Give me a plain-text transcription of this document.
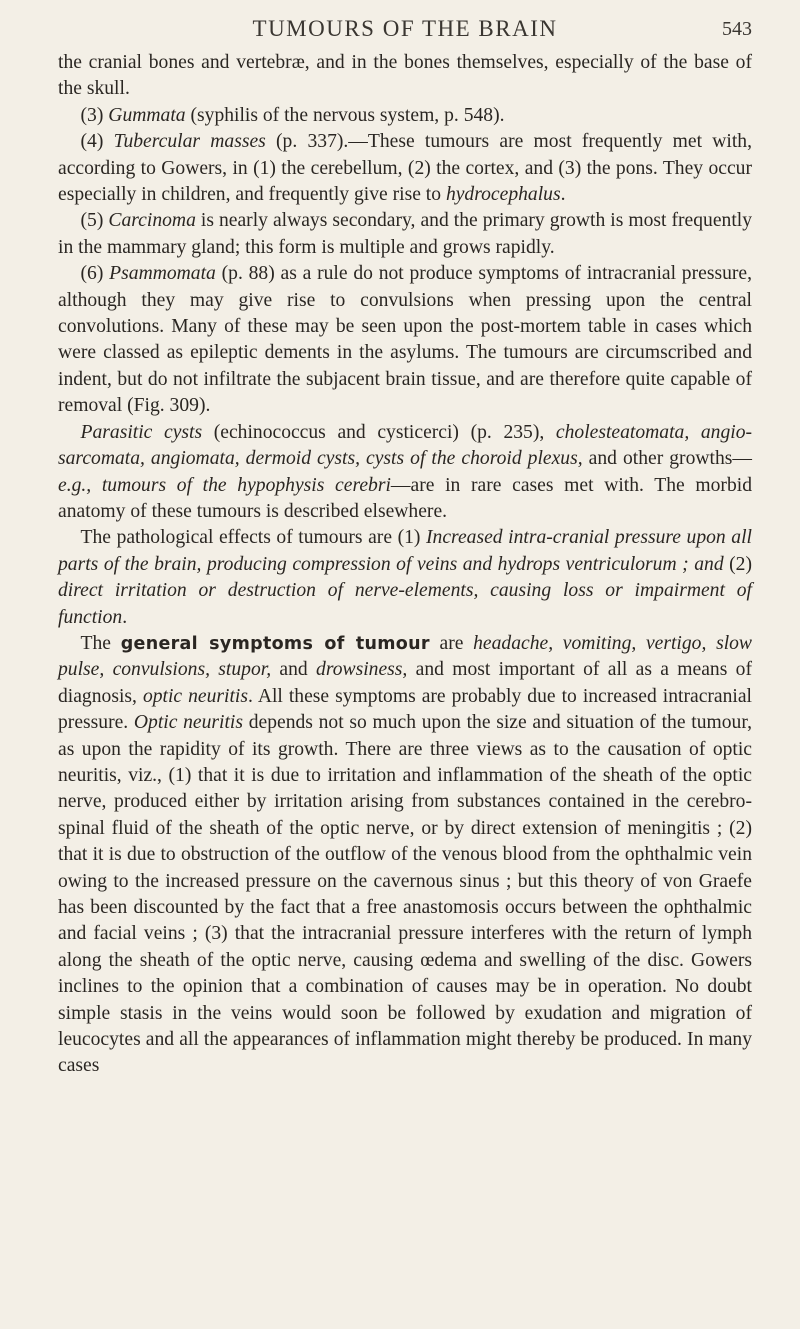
TUMOURS OF THE BRAIN	543

the cranial bones and vertebræ, and in the bones themselves, especially of the base of the skull.

(3) Gummata (syphilis of the nervous system, p. 548).

(4) Tubercular masses (p. 337).—These tumours are most frequently met with, according to Gowers, in (1) the cerebellum, (2) the cortex, and (3) the pons. They occur especially in children, and frequently give rise to hydrocephalus.

(5) Carcinoma is nearly always secondary, and the primary growth is most frequently in the mammary gland; this form is multiple and grows rapidly.

(6) Psammomata (p. 88) as a rule do not produce symptoms of intracranial pressure, although they may give rise to convulsions when pressing upon the central convolutions. Many of these may be seen upon the post-mortem table in cases which were classed as epileptic dements in the asylums. The tumours are circumscribed and indent, but do not infiltrate the subjacent brain tissue, and are therefore quite capable of removal (Fig. 309).

Parasitic cysts (echinococcus and cysticerci) (p. 235), cholesteatomata, angio-sarcomata, angiomata, dermoid cysts, cysts of the choroid plexus, and other growths—e.g., tumours of the hypophysis cerebri—are in rare cases met with. The morbid anatomy of these tumours is described elsewhere.

The pathological effects of tumours are (1) Increased intra-cranial pressure upon all parts of the brain, producing compression of veins and hydrops ventriculorum ; and (2) direct irritation or destruction of nerve-elements, causing loss or impairment of function.

The general symptoms of tumour are headache, vomiting, vertigo, slow pulse, convulsions, stupor, and drowsiness, and most important of all as a means of diagnosis, optic neuritis. All these symptoms are probably due to increased intracranial pressure. Optic neuritis depends not so much upon the size and situation of the tumour, as upon the rapidity of its growth. There are three views as to the causation of optic neuritis, viz., (1) that it is due to irritation and inflammation of the sheath of the optic nerve, produced either by irritation arising from substances contained in the cerebro-spinal fluid of the sheath of the optic nerve, or by direct extension of meningitis ; (2) that it is due to obstruction of the outflow of the venous blood from the ophthalmic vein owing to the increased pressure on the cavernous sinus ; but this theory of von Graefe has been discounted by the fact that a free anastomosis occurs between the ophthalmic and facial veins ; (3) that the intracranial pressure interferes with the return of lymph along the sheath of the optic nerve, causing œdema and swelling of the disc. Gowers inclines to the opinion that a combination of causes may be in operation. No doubt simple stasis in the veins would soon be followed by exudation and migration of leucocytes and all the appearances of inflammation might thereby be produced. In many cases
